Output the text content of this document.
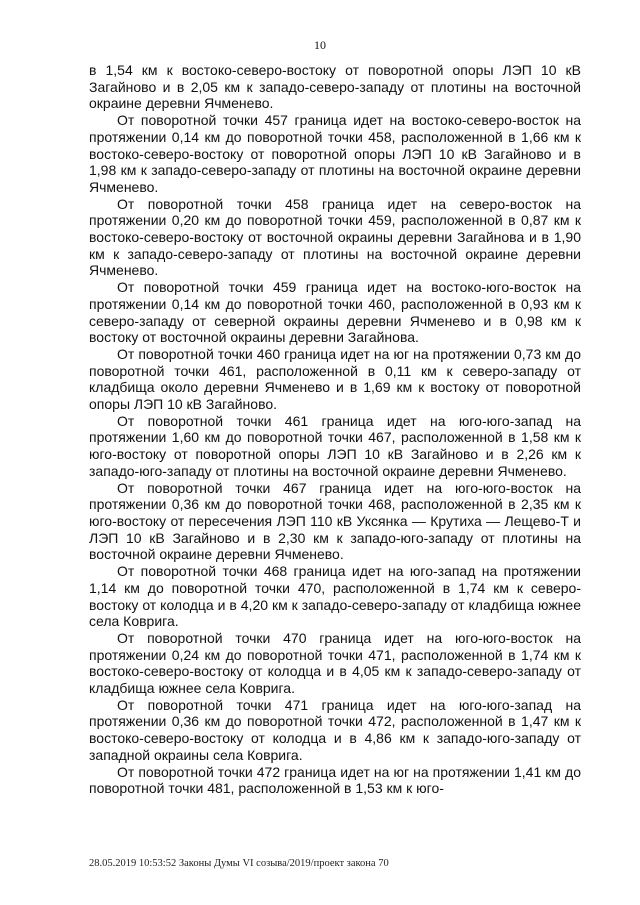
10

в 1,54 км к востоко-северо-востоку от поворотной опоры ЛЭП 10 кВ Загайново и в 2,05 км к западо-северо-западу от плотины на восточной окраине деревни Ячменево.

От поворотной точки 457 граница идет на востоко-северо-восток на протяжении 0,14 км до поворотной точки 458, расположенной в 1,66 км к востоко-северо-востоку от поворотной опоры ЛЭП 10 кВ Загайново и в 1,98 км к западо-северо-западу от плотины на восточной окраине деревни Ячменево.

От поворотной точки 458 граница идет на северо-восток на протяжении 0,20 км до поворотной точки 459, расположенной в 0,87 км к востоко-северо-востоку от восточной окраины деревни Загайнова и в 1,90 км к западо-северо-западу от плотины на восточной окраине деревни Ячменево.

От поворотной точки 459 граница идет на востоко-юго-восток на протяжении 0,14 км до поворотной точки 460, расположенной в 0,93 км к северо-западу от северной окраины деревни Ячменево и в 0,98 км к востоку от восточной окраины деревни Загайнова.

От поворотной точки 460 граница идет на юг на протяжении 0,73 км до поворотной точки 461, расположенной в 0,11 км к северо-западу от кладбища около деревни Ячменево и в 1,69 км к востоку от поворотной опоры ЛЭП 10 кВ Загайново.

От поворотной точки 461 граница идет на юго-юго-запад на протяжении 1,60 км до поворотной точки 467, расположенной в 1,58 км к юго-востоку от поворотной опоры ЛЭП 10 кВ Загайново и в 2,26 км к западо-юго-западу от плотины на восточной окраине деревни Ячменево.

От поворотной точки 467 граница идет на юго-юго-восток на протяжении 0,36 км до поворотной точки 468, расположенной в 2,35 км к юго-востоку от пересечения ЛЭП 110 кВ Уксянка — Крутиха — Лещево-Т и ЛЭП 10 кВ Загайново и в 2,30 км к западо-юго-западу от плотины на восточной окраине деревни Ячменево.

От поворотной точки 468 граница идет на юго-запад на протяжении 1,14 км до поворотной точки 470, расположенной в 1,74 км к северо-востоку от колодца и в 4,20 км к западо-северо-западу от кладбища южнее села Коврига.

От поворотной точки 470 граница идет на юго-юго-восток на протяжении 0,24 км до поворотной точки 471, расположенной в 1,74 км к востоко-северо-востоку от колодца и в 4,05 км к западо-северо-западу от кладбища южнее села Коврига.

От поворотной точки 471 граница идет на юго-юго-запад на протяжении 0,36 км до поворотной точки 472, расположенной в 1,47 км к востоко-северо-востоку от колодца и в 4,86 км к западо-юго-западу от западной окраины села Коврига.

От поворотной точки 472 граница идет на юг на протяжении 1,41 км до поворотной точки 481, расположенной в 1,53 км к юго-

28.05.2019 10:53:52 Законы Думы VI созыва/2019/проект закона 70
